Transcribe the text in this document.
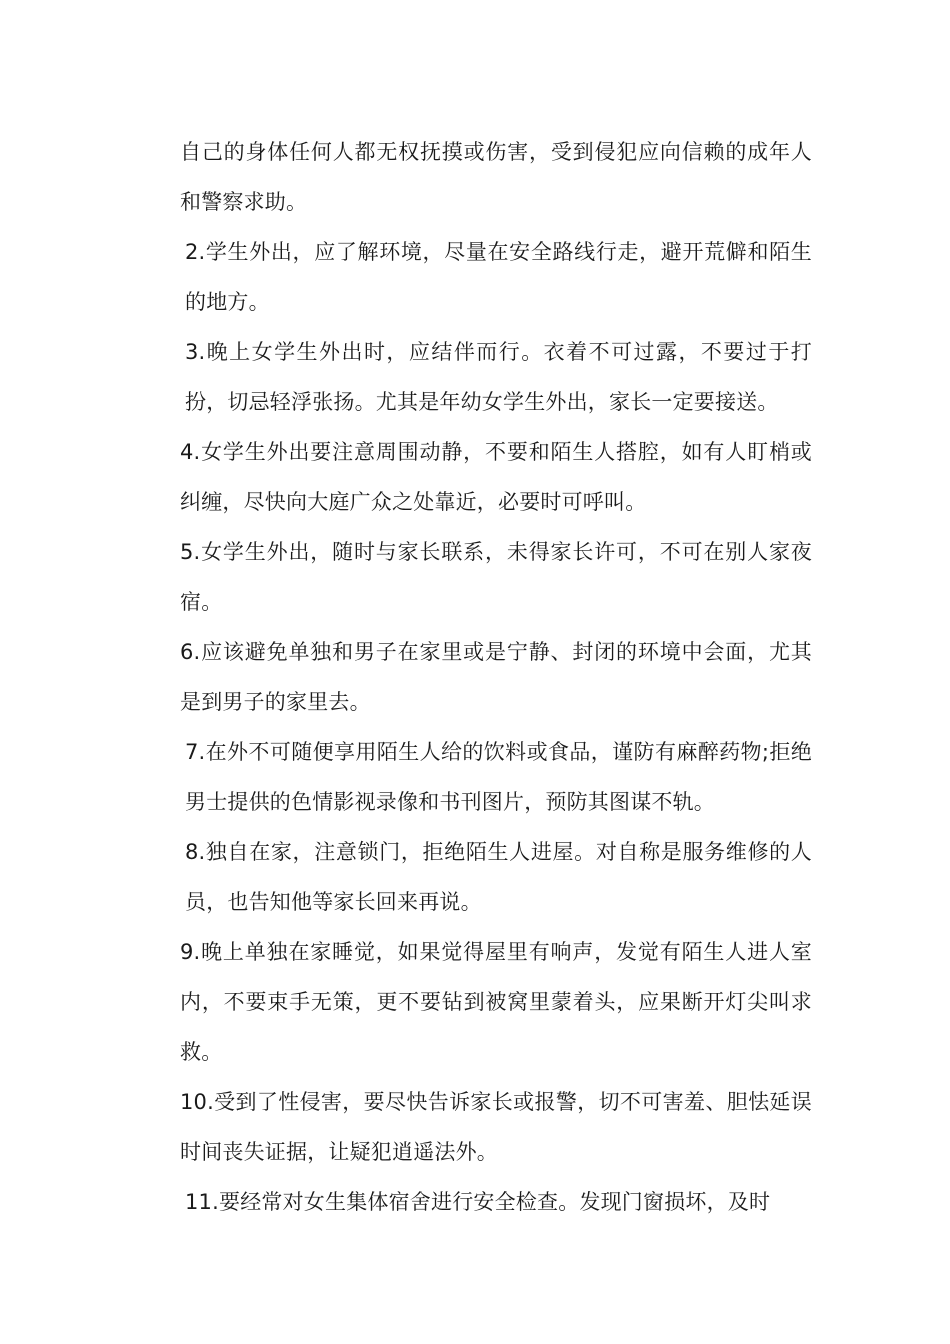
自己的身体任何人都无权抚摸或伤害，受到侵犯应向信赖的成年人和警察求助。

2.学生外出，应了解环境，尽量在安全路线行走，避开荒僻和陌生的地方。

3.晚上女学生外出时，应结伴而行。衣着不可过露，不要过于打扮，切忌轻浮张扬。尤其是年幼女学生外出，家长一定要接送。

4.女学生外出要注意周围动静，不要和陌生人搭腔，如有人盯梢或纠缠，尽快向大庭广众之处靠近，必要时可呼叫。

5.女学生外出，随时与家长联系，未得家长许可，不可在别人家夜宿。

6.应该避免单独和男子在家里或是宁静、封闭的环境中会面，尤其是到男子的家里去。

7.在外不可随便享用陌生人给的饮料或食品，谨防有麻醉药物;拒绝男士提供的色情影视录像和书刊图片，预防其图谋不轨。

8.独自在家，注意锁门，拒绝陌生人进屋。对自称是服务维修的人员，也告知他等家长回来再说。

9.晚上单独在家睡觉，如果觉得屋里有响声，发觉有陌生人进人室内，不要束手无策，更不要钻到被窝里蒙着头，应果断开灯尖叫求救。

10.受到了性侵害，要尽快告诉家长或报警，切不可害羞、胆怯延误时间丧失证据，让疑犯逍遥法外。

11.要经常对女生集体宿舍进行安全检查。发现门窗损坏，及时
